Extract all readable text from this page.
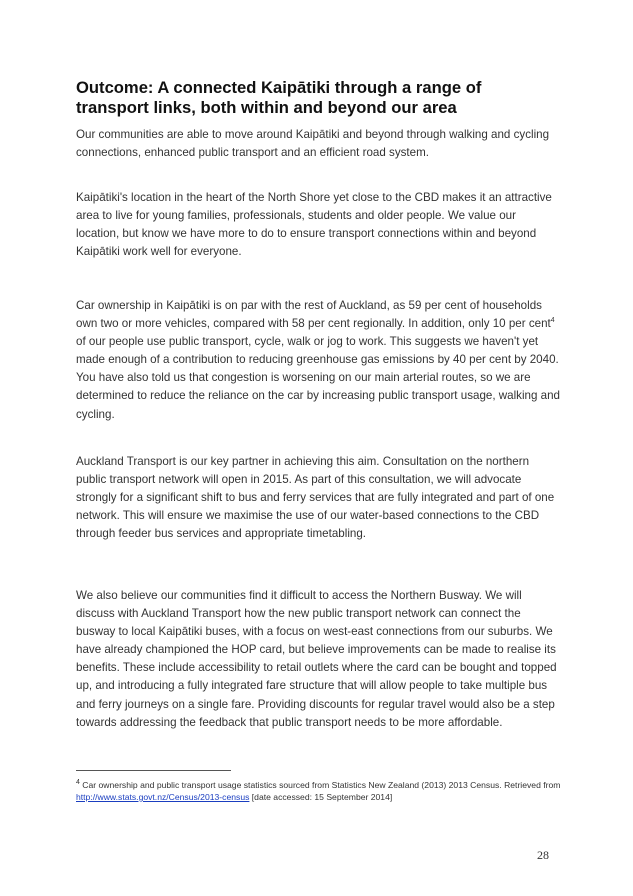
Outcome: A connected Kaipātiki through a range of
transport links, both within and beyond our area

Our communities are able to move around Kaipātiki and beyond through walking and cycling connections, enhanced public transport and an efficient road system.

Kaipātiki's location in the heart of the North Shore yet close to the CBD makes it an attractive area to live for young families, professionals, students and older people. We value our location, but know we have more to do to ensure transport connections within and beyond Kaipātiki work well for everyone.

Car ownership in Kaipātiki is on par with the rest of Auckland, as 59 per cent of households own two or more vehicles, compared with 58 per cent regionally. In addition, only 10 per cent$^4$ of our people use public transport, cycle, walk or jog to work. This suggests we haven't yet made enough of a contribution to reducing greenhouse gas emissions by 40 per cent by 2040. You have also told us that congestion is worsening on our main arterial routes, so we are determined to reduce the reliance on the car by increasing public transport usage, walking and cycling.

Auckland Transport is our key partner in achieving this aim. Consultation on the northern public transport network will open in 2015. As part of this consultation, we will advocate strongly for a significant shift to bus and ferry services that are fully integrated and part of one network. This will ensure we maximise the use of our water-based connections to the CBD through feeder bus services and appropriate timetabling.

We also believe our communities find it difficult to access the Northern Busway. We will discuss with Auckland Transport how the new public transport network can connect the busway to local Kaipātiki buses, with a focus on west-east connections from our suburbs. We have already championed the HOP card, but believe improvements can be made to realise its benefits. These include accessibility to retail outlets where the card can be bought and topped up, and introducing a fully integrated fare structure that will allow people to take multiple bus and ferry journeys on a single fare. Providing discounts for regular travel would also be a step towards addressing the feedback that public transport needs to be more affordable.

$^4$ Car ownership and public transport usage statistics sourced from Statistics New Zealand (2013) 2013 Census. Retrieved from http://www.stats.govt.nz/Census/2013-census [date accessed: 15 September 2014]

28
